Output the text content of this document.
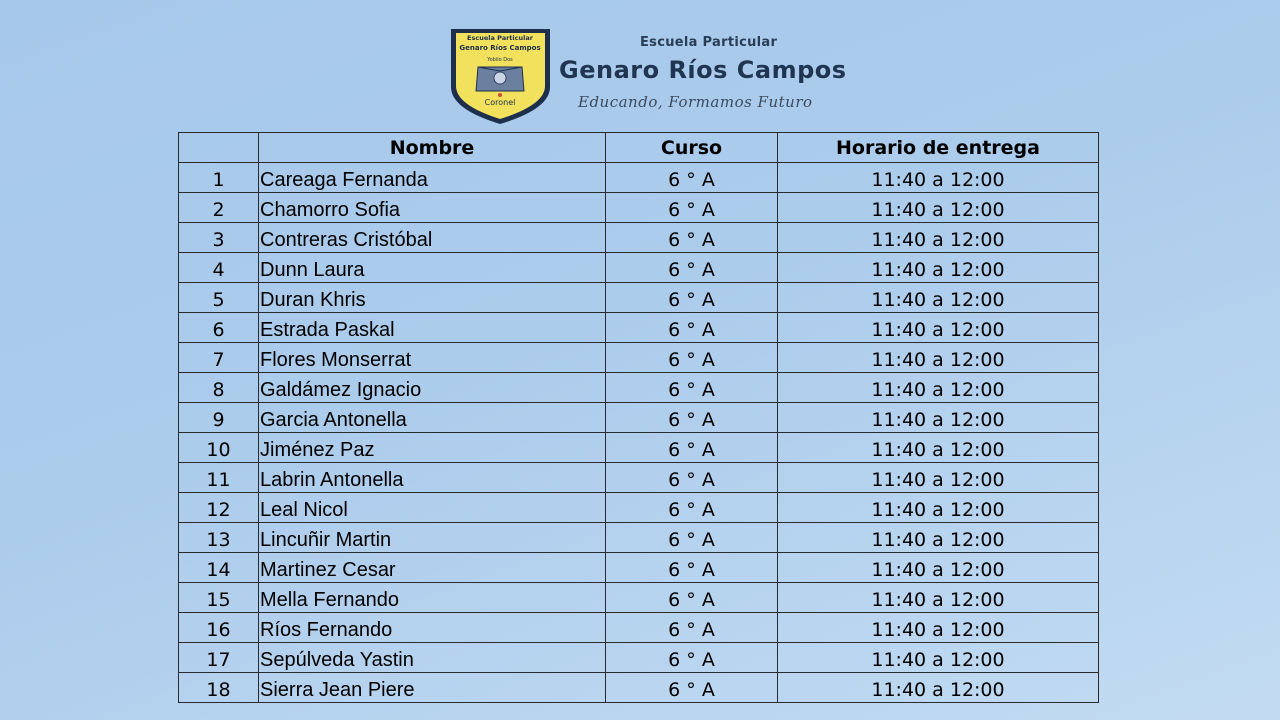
Escuela Particular
Genaro Ríos Campos
Yobilo Dos
Coronel
Escuela Particular
Genaro Ríos Campos
Educando, Formamos Futuro
	Nombre	Curso	Horario de entrega
1	Careaga Fernanda	6 ° A	11:40 a 12:00
2	Chamorro Sofia	6 ° A	11:40 a 12:00
3	Contreras Cristóbal	6 ° A	11:40 a 12:00
4	Dunn Laura	6 ° A	11:40 a 12:00
5	Duran Khris	6 ° A	11:40 a 12:00
6	Estrada Paskal	6 ° A	11:40 a 12:00
7	Flores Monserrat	6 ° A	11:40 a 12:00
8	Galdámez Ignacio	6 ° A	11:40 a 12:00
9	Garcia Antonella	6 ° A	11:40 a 12:00
10	Jiménez Paz	6 ° A	11:40 a 12:00
11	Labrin Antonella	6 ° A	11:40 a 12:00
12	Leal Nicol	6 ° A	11:40 a 12:00
13	Lincuñir Martin	6 ° A	11:40 a 12:00
14	Martinez Cesar	6 ° A	11:40 a 12:00
15	Mella Fernando	6 ° A	11:40 a 12:00
16	Ríos Fernando	6 ° A	11:40 a 12:00
17	Sepúlveda Yastin	6 ° A	11:40 a 12:00
18	Sierra Jean Piere	6 ° A	11:40 a 12:00
